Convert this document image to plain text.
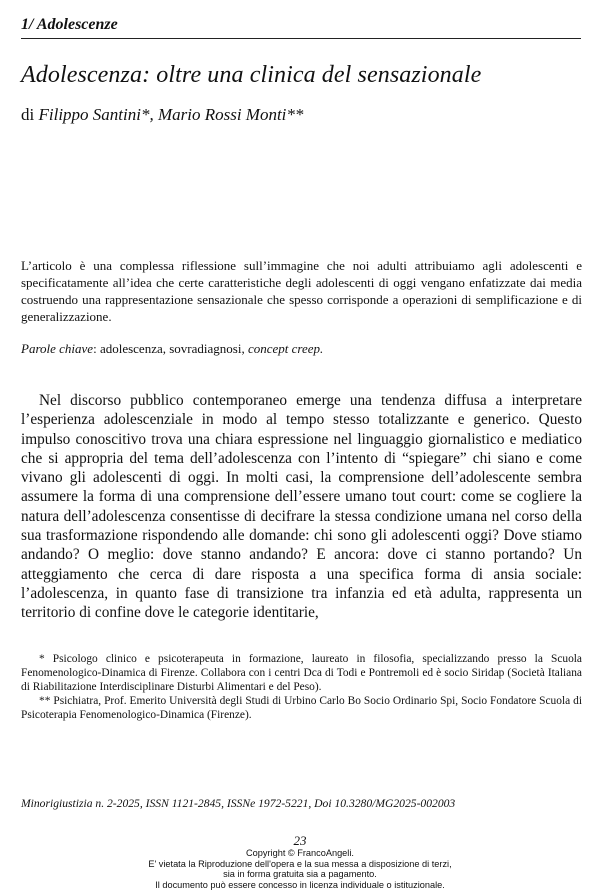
1/ Adolescenze
Adolescenza: oltre una clinica del sensazionale
di Filippo Santini*, Mario Rossi Monti**
L’articolo è una complessa riflessione sull’immagine che noi adulti attribuiamo agli adolescenti e specificatamente all’idea che certe caratteristiche degli adolescenti di oggi vengano enfatizzate dai media costruendo una rappresentazione sensazionale che spesso corrisponde a operazioni di semplificazione e di generalizzazione.
Parole chiave: adolescenza, sovradiagnosi, concept creep.
Nel discorso pubblico contemporaneo emerge una tendenza diffusa a interpretare l’esperienza adolescenziale in modo al tempo stesso totalizzante e generico. Questo impulso conoscitivo trova una chiara espressione nel linguaggio giornalistico e mediatico che si appropria del tema dell’adolescenza con l’intento di “spiegare” chi siano e come vivano gli adolescenti di oggi. In molti casi, la comprensione dell’adolescente sembra assumere la forma di una comprensione dell’essere umano tout court: come se cogliere la natura dell’adolescenza consentisse di decifrare la stessa condizione umana nel corso della sua trasformazione rispondendo alle domande: chi sono gli adolescenti oggi? Dove stiamo andando? O meglio: dove stanno andando? E ancora: dove ci stanno portando? Un atteggiamento che cerca di dare risposta a una specifica forma di ansia sociale: l’adolescenza, in quanto fase di transizione tra infanzia ed età adulta, rappresenta un territorio di confine dove le categorie identitarie,

* Psicologo clinico e psicoterapeuta in formazione, laureato in filosofia, specializzando presso la Scuola Fenomenologico-Dinamica di Firenze. Collabora con i centri Dca di Todi e Pontremoli ed è socio Siridap (Società Italiana di Riabilitazione Interdisciplinare Disturbi Alimentari e del Peso).

** Psichiatra, Prof. Emerito Università degli Studi di Urbino Carlo Bo Socio Ordinario Spi, Socio Fondatore Scuola di Psicoterapia Fenomenologico-Dinamica (Firenze).

Minorigiustizia n. 2-2025, ISSN 1121-2845, ISSNe 1972-5221, Doi 10.3280/MG2025-002003
23
Copyright © FrancoAngeli.
E' vietata la Riproduzione dell'opera e la sua messa a disposizione di terzi,
sia in forma gratuita sia a pagamento.
Il documento può essere concesso in licenza individuale o istituzionale.
